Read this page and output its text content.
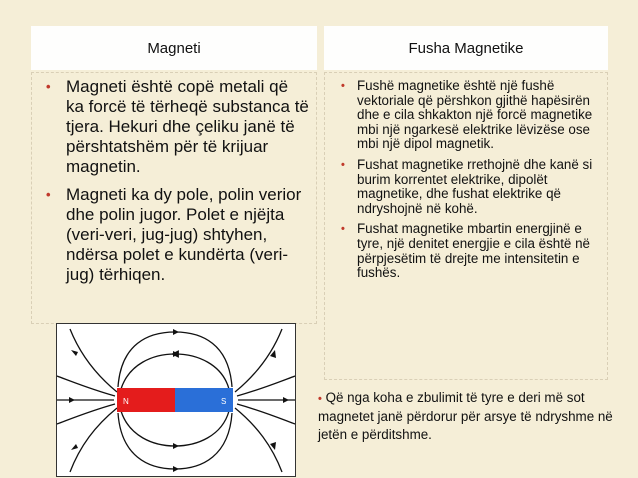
Magneti	Fusha Magnetike
• Magneti është copë metali që ka forcë të tërheqë substanca të tjera. Hekuri dhe çeliku janë të përshtatshëm për të krijuar magnetin.
• Magneti ka dy pole, polin verior dhe polin jugor. Polet e njëjta (veri-veri, jug-jug) shtyhen, ndërsa polet e kundërta (veri-jug) tërhiqen.
• Fushë magnetike është një fushë vektoriale që përshkon gjithë hapësirën dhe e cila shkakton një forcë magnetike mbi një ngarkesë elektrike lëvizëse ose mbi një dipol magnetik.
• Fushat magnetike rrethojnë dhe kanë si burim korrentet elektrike, dipolët magnetike, dhe fushat elektrike që ndryshojnë në kohë.
• Fushat magnetike mbartin energjinë e tyre, një denitet energjie e cila është në përpjesëtim të drejte me intensitetin e fushës.
N	S	• Që nga koha e zbulimit të tyre e deri më sot magnetet janë përdorur për arsye të ndryshme në jetën e përditshme.
